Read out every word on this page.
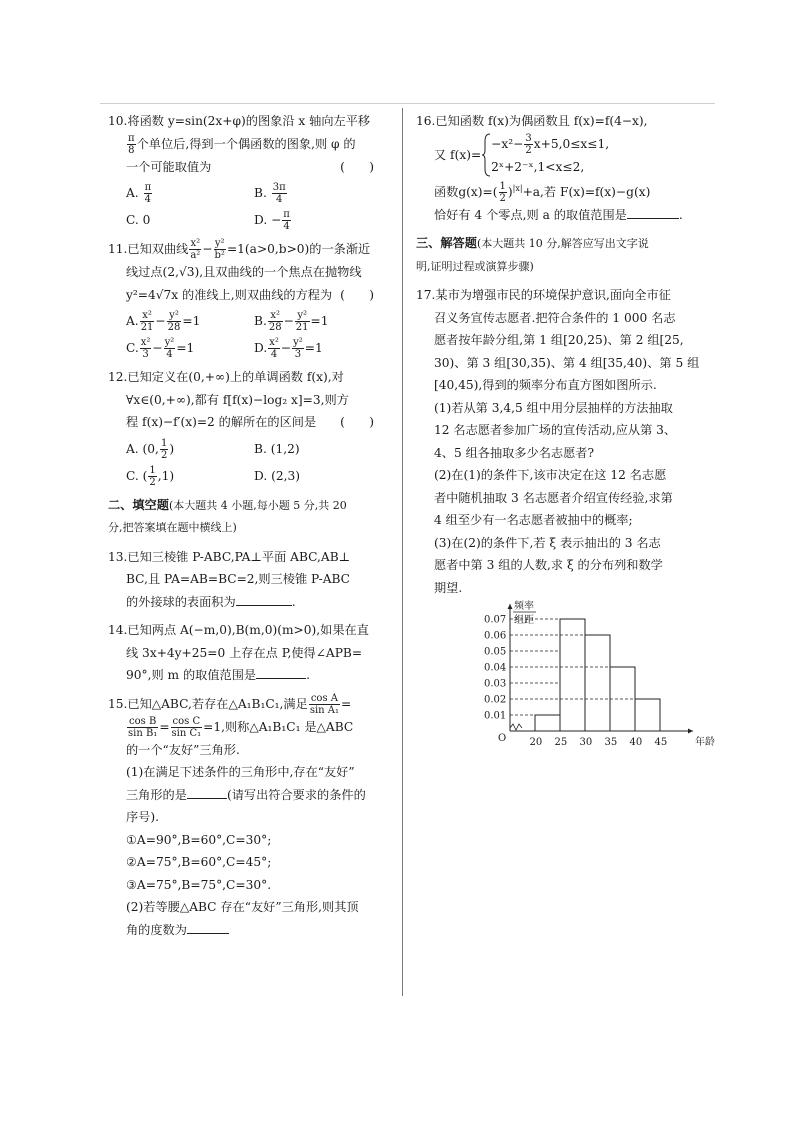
10.将函数 y=sin(2x+φ)的图象沿 x 轴向左平移
$\frac{\pi}{8}$ 个单位后,得到一个偶函数的图象,则 φ 的
一个可能取值为	(　　)
A. $\frac{\pi}{4}$	B. $\frac{3\pi}{4}$
C. 0	D. − $\frac{\pi}{4}$
11.已知双曲线 $\frac{\text{x²}}{\text{a²}} - \frac{\text{y²}}{\text{b²}} =1(a>0,b>0)$的一条渐近
线过点(2,√3),且双曲线的一个焦点在抛物线
y²=4√7x 的准线上,则双曲线的方程为 (　　)
A. $\frac{\text{x²}}{21} - \frac{\text{y²}}{28} =1$	B. $\frac{\text{x²}}{28} - \frac{\text{y²}}{21} =1$
C. $\frac{\text{x²}}{3} - \frac{\text{y²}}{4} =1$	D. $\frac{\text{x²}}{4} - \frac{\text{y²}}{3} =1$
12.已知定义在(0,+∞)上的单调函数 f(x),对
∀x∈(0,+∞),都有 f[f(x)−log₂ x]=3,则方
程 f(x)−f′(x)=2 的解所在的区间是 (　　)
A. (0, $\frac{1}{2}$ )	B. (1,2)
C. ( $\frac{1}{2} ,1$)	D. (2,3)
二、填空题(本大题共 4 小题,每小题 5 分,共 20
分,把答案填在题中横线上)
13.已知三棱锥 P-ABC,PA⊥平面 ABC,AB⊥
BC,且 PA=AB=BC=2,则三棱锥 P-ABC
的外接球的表面积为	.
14.已知两点 A(−m,0),B(m,0)(m>0),如果在直
线 3x+4y+25=0 上存在点 P,使得∠APB=
90°,则 m 的取值范围是	.
15.已知△ABC,若存在△A₁B₁C₁,满足 $\frac{\text{cos A}}{\text{sin A₁}}$ =
$\frac{\text{cos B}}{\text{sin B₁}} = \frac{\text{cos C}}{\text{sin C₁}} =1$,则称△A₁B₁C₁ 是△ABC
的一个“友好”三角形.
(1)在满足下述条件的三角形中,存在“友好”
三角形的是	(请写出符合要求的条件的
序号).
①A=90°,B=60°,C=30°;
②A=75°,B=60°,C=45°;
③A=75°,B=75°,C=30°.
(2)若等腰△ABC 存在“友好”三角形,则其顶
角的度数为
16.已知函数 f(x)为偶函数且 f(x)=f(4−x),
又 f(x)=
$-x^2- \frac{3}{2} x+5,0\le x\le 1$,
2ˣ+2⁻ˣ,1<x≤2,
函数$g(x)=( \frac{1}{2} )^{|x|}+a$,若 F(x)=f(x)−g(x)
恰好有 4 个零点,则 a 的取值范围是	.
三、解答题(本大题共 10 分,解答应写出文字说
明,证明过程或演算步骤)
17.某市为增强市民的环境保护意识,面向全市征
召义务宣传志愿者.把符合条件的 1 000 名志
愿者按年龄分组,第 1 组[20,25)、第 2 组[25,
30)、第 3 组[30,35)、第 4 组[35,40)、第 5 组
[40,45),得到的频率分布直方图如图所示.
(1)若从第 3,4,5 组中用分层抽样的方法抽取
12 名志愿者参加广场的宣传活动,应从第 3、
4、5 组各抽取多少名志愿者?
(2)在(1)的条件下,该市决定在这 12 名志愿
者中随机抽取 3 名志愿者介绍宣传经验,求第
4 组至少有一名志愿者被抽中的概率;
(3)在(2)的条件下,若 ξ 表示抽出的 3 名志
愿者中第 3 组的人数,求 ξ 的分布列和数学
期望.
O	年龄
频率
组距
0.01
0.02
0.03
0.04
0.05
0.06
0.07
20 25 30 35 40 45
